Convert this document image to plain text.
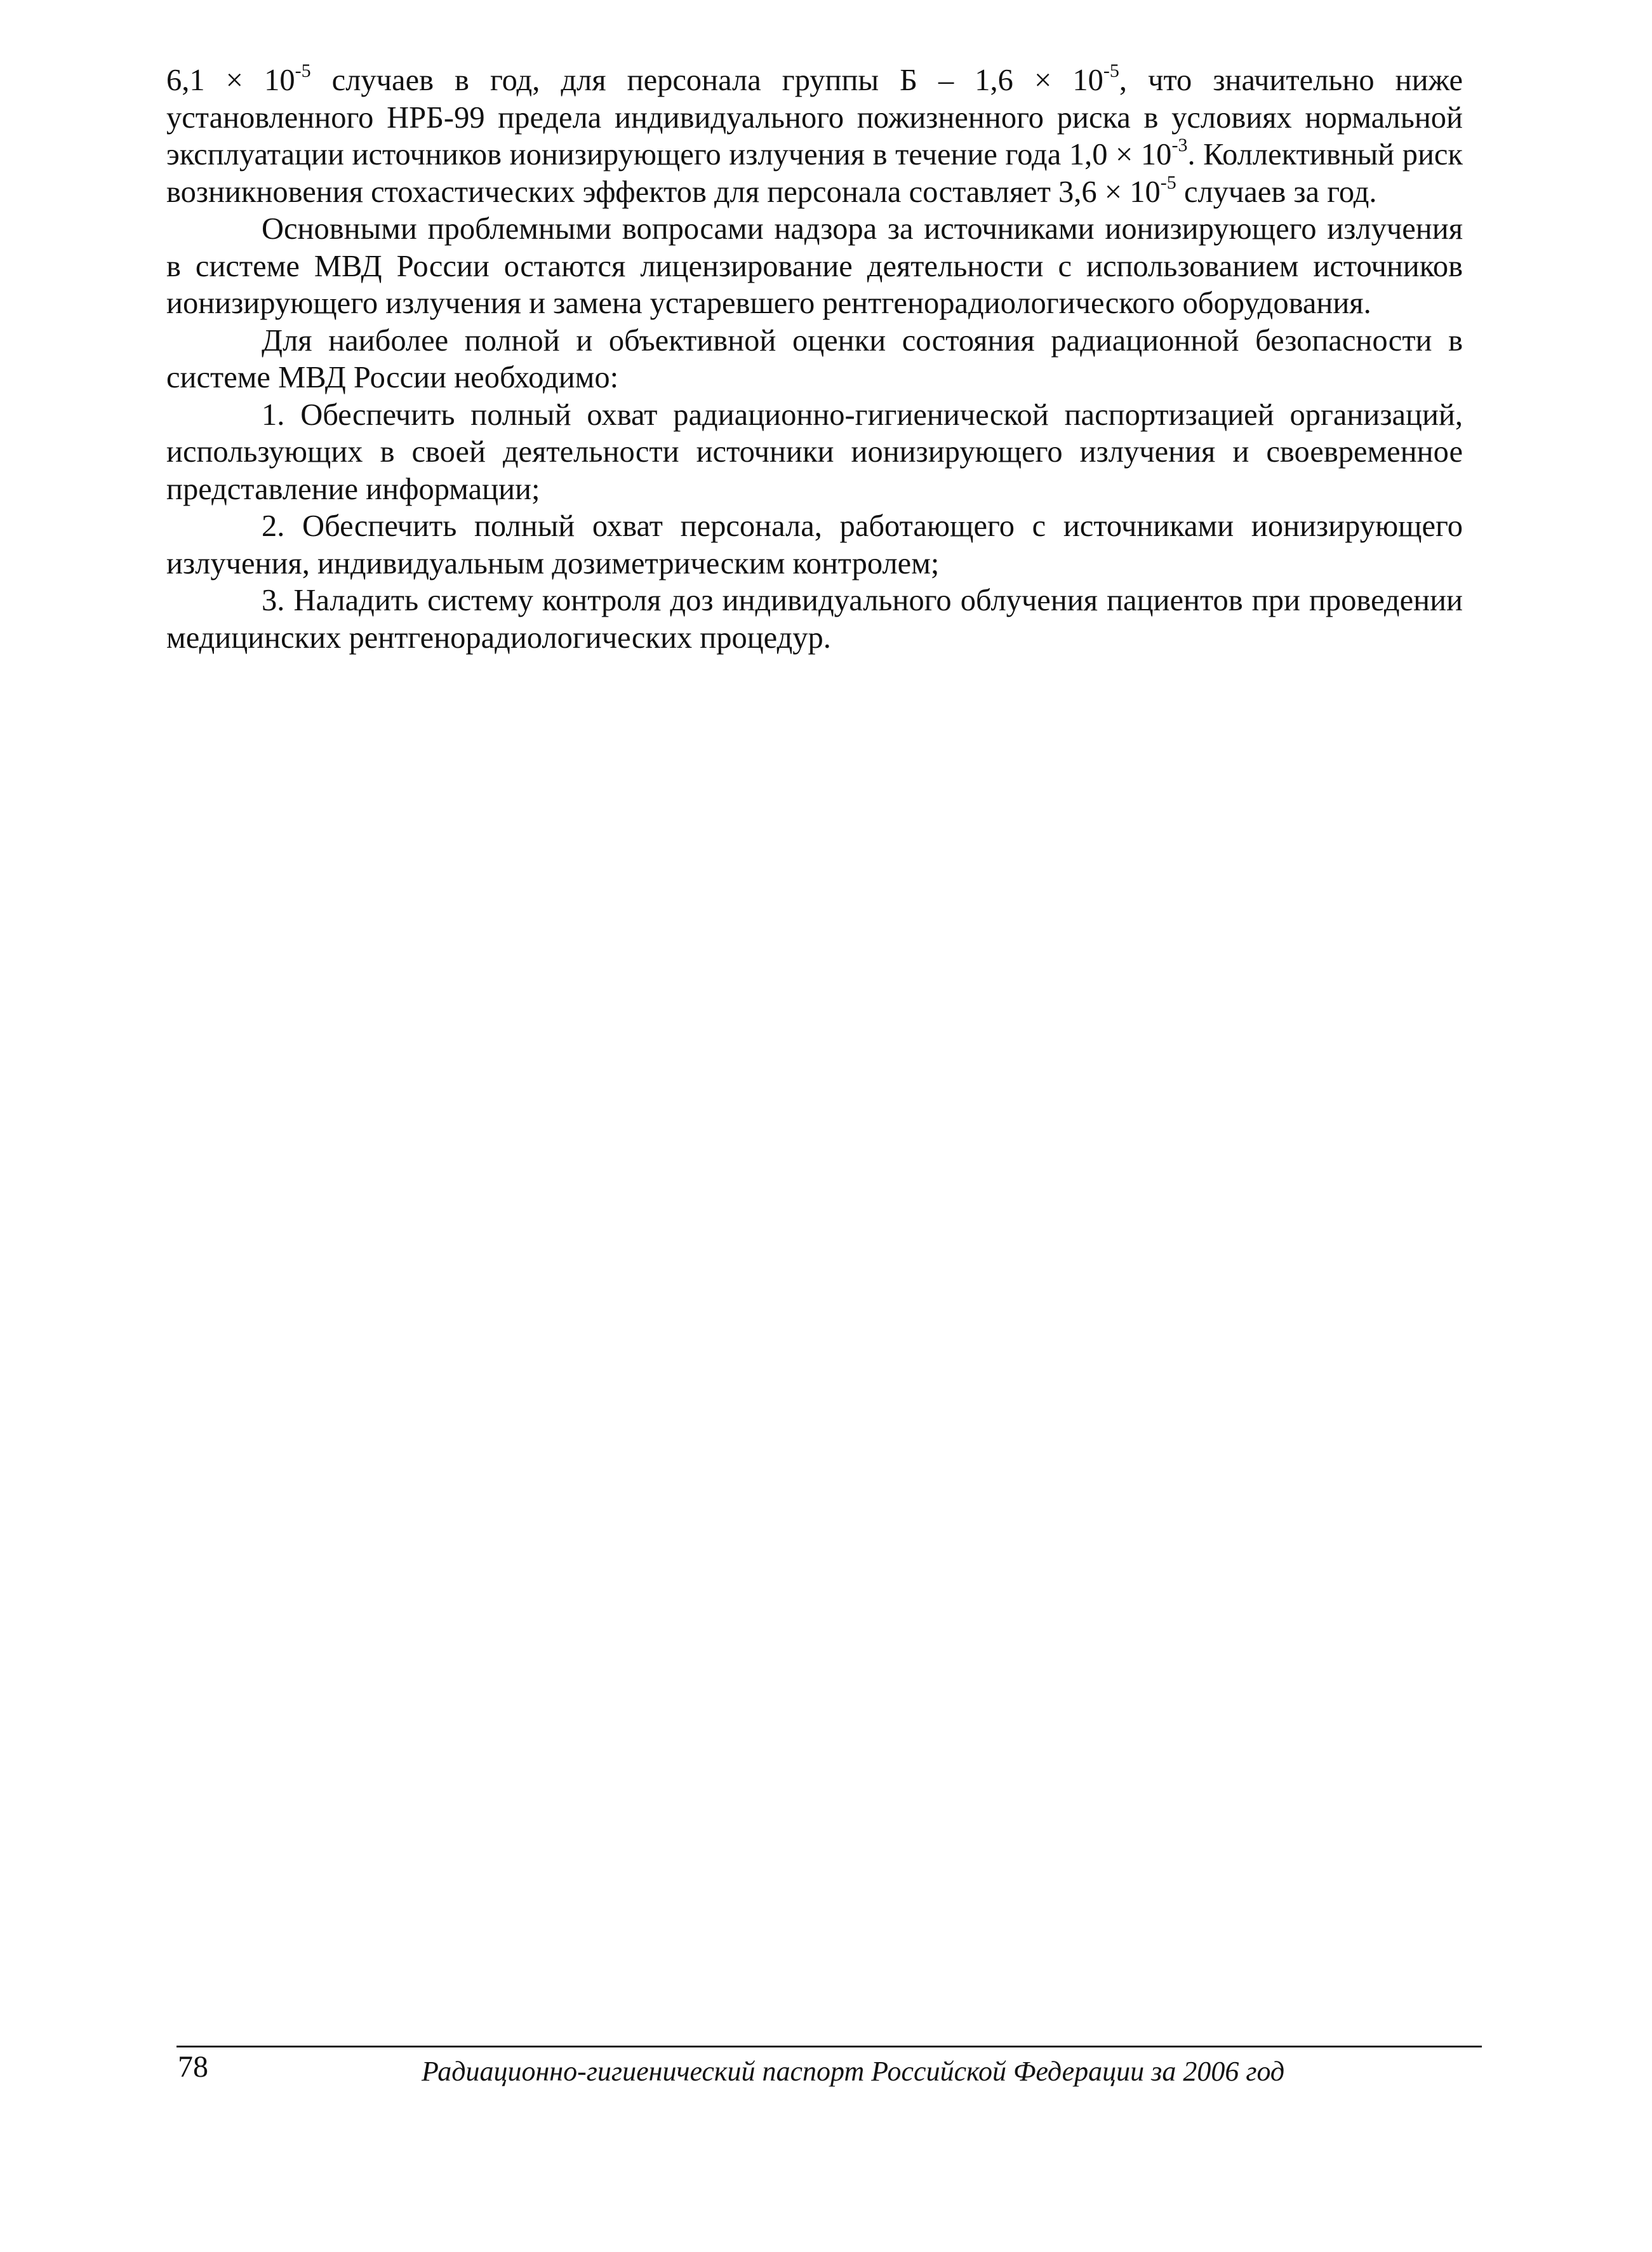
$6,1 \times 10^{-5}$ случаев в год, для персонала группы $Б - 1,6 \times 10^{-5}$, что значительно ниже установленного НРБ-99 предела индивидуального пожизненного риска в условиях нормальной эксплуатации источников ионизирующего излучения в течение года $1,0 \times 10^{-3}$. Коллективный риск возникновения стохастических эффектов для персонала составляет $3,6 \times 10^{-5}$ случаев за год.

Основными проблемными вопросами надзора за источниками ионизирующего излучения в системе МВД России остаются лицензирование деятельности с использованием источников ионизирующего излучения и замена устаревшего рентгенорадиологического оборудования.

Для наиболее полной и объективной оценки состояния радиационной безопасности в системе МВД России необходимо:

1. Обеспечить полный охват радиационно-гигиенической паспортизацией организаций, использующих в своей деятельности источники ионизирующего излучения и своевременное представление информации;

2. Обеспечить полный охват персонала, работающего с источниками ионизирующего излучения, индивидуальным дозиметрическим контролем;

3. Наладить систему контроля доз индивидуального облучения пациентов при проведении медицинских рентгенорадиологических процедур.

78	Радиационно-гигиенический паспорт Российской Федерации за 2006 год
